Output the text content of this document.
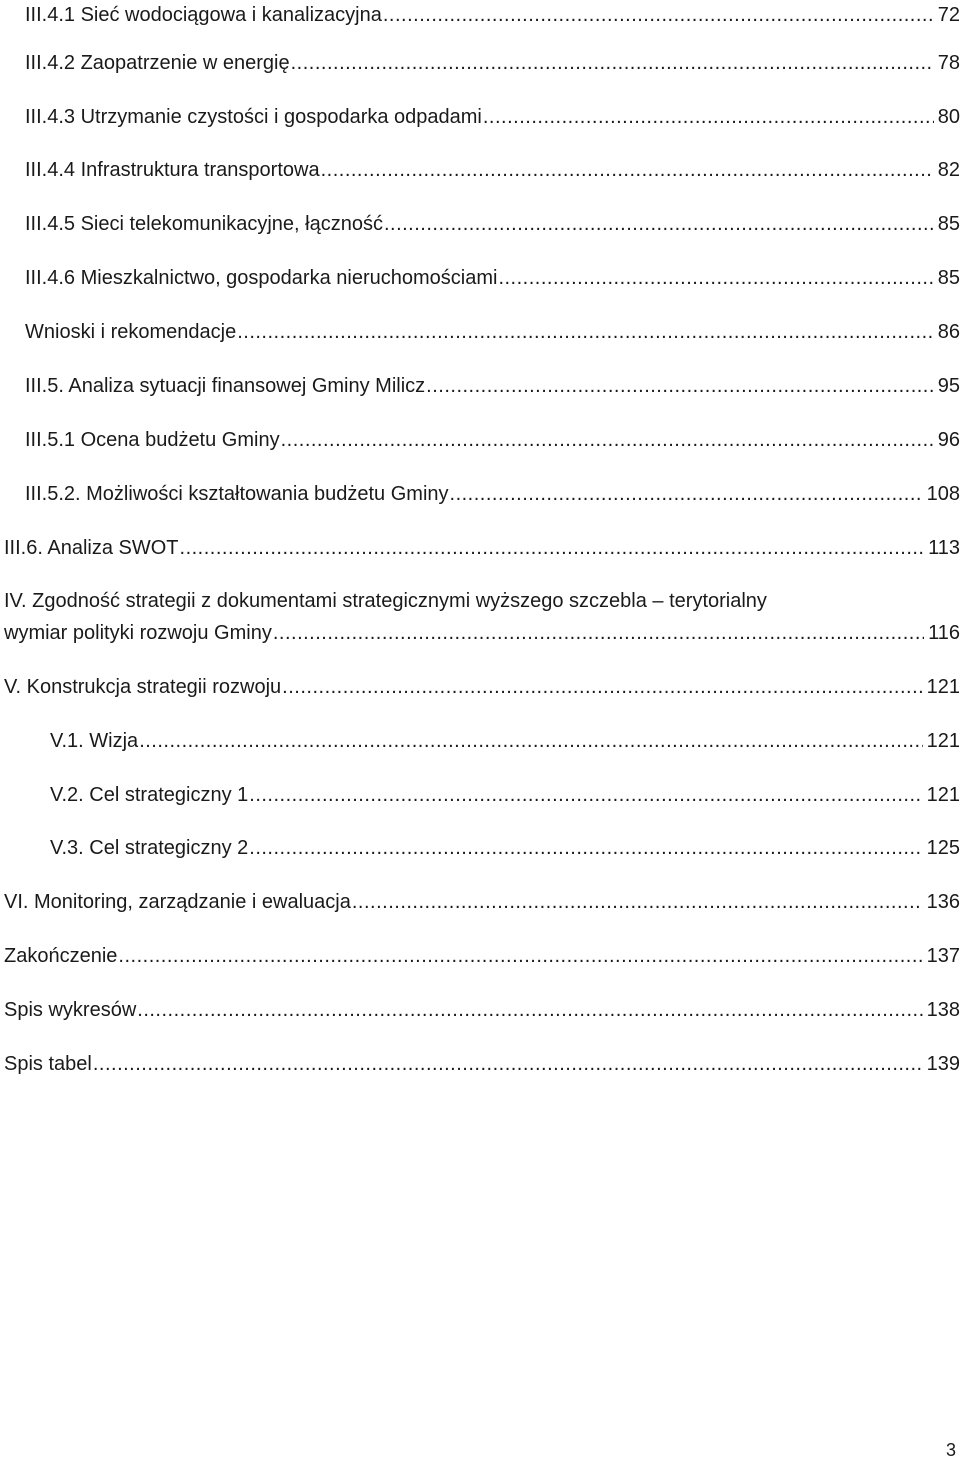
III.4.1 Sieć wodociągowa i kanalizacyjna .....	72
III.4.2 Zaopatrzenie w energię .....	78
III.4.3 Utrzymanie czystości i gospodarka odpadami .....	80
III.4.4 Infrastruktura transportowa .....	82
III.4.5 Sieci telekomunikacyjne, łączność .....	85
III.4.6 Mieszkalnictwo, gospodarka nieruchomościami .....	85
Wnioski i rekomendacje .....	86
III.5. Analiza sytuacji finansowej Gminy Milicz .....	95
III.5.1 Ocena budżetu Gminy .....	96
III.5.2. Możliwości kształtowania budżetu Gminy .....	108
III.6. Analiza SWOT .....	113
IV. Zgodność strategii z dokumentami strategicznymi wyższego szczebla – terytorialny
wymiar polityki rozwoju Gminy .....	116
V. Konstrukcja strategii rozwoju .....	121
V.1. Wizja .....	121
V.2. Cel strategiczny 1 .....	121
V.3. Cel strategiczny 2 .....	125
VI. Monitoring, zarządzanie i ewaluacja .....	136
Zakończenie .....	137
Spis wykresów .....	138
Spis tabel .....	139
3
